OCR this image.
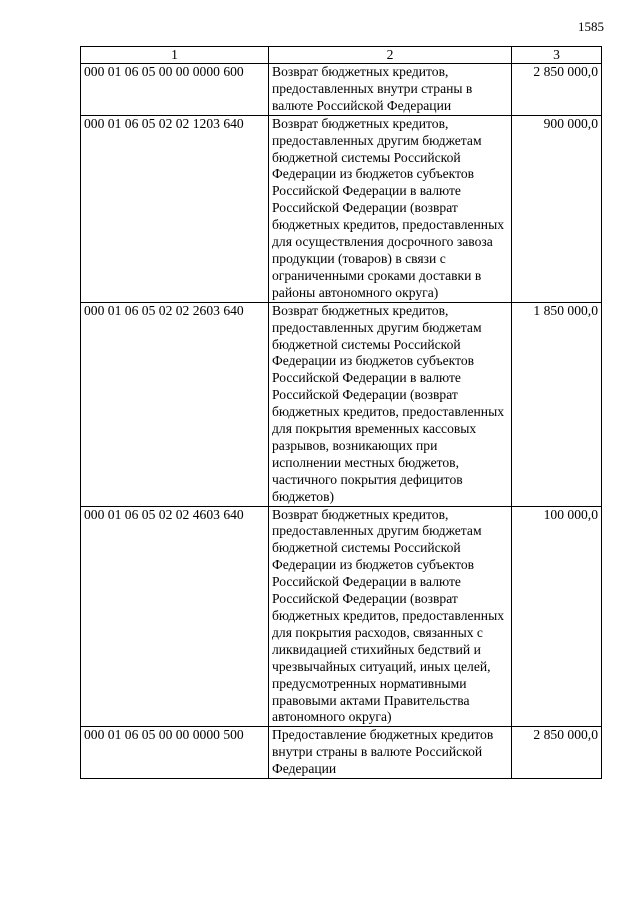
1585
1	2	3
000 01 06 05 00 00 0000 600	Возврат бюджетных кредитов, предоставленных внутри страны в валюте Российской Федерации	2 850 000,0
000 01 06 05 02 02 1203 640	Возврат бюджетных кредитов, предоставленных другим бюджетам бюджетной системы Российской Федерации из бюджетов субъектов Российской Федерации в валюте Российской Федерации (возврат бюджетных кредитов, предоставленных для осуществления досрочного завоза продукции (товаров) в связи с ограниченными сроками доставки в районы автономного округа)	900 000,0
000 01 06 05 02 02 2603 640	Возврат бюджетных кредитов, предоставленных другим бюджетам бюджетной системы Российской Федерации из бюджетов субъектов Российской Федерации в валюте Российской Федерации (возврат бюджетных кредитов, предоставленных для покрытия временных кассовых разрывов, возникающих при исполнении местных бюджетов, частичного покрытия дефицитов бюджетов)	1 850 000,0
000 01 06 05 02 02 4603 640	Возврат бюджетных кредитов, предоставленных другим бюджетам бюджетной системы Российской Федерации из бюджетов субъектов Российской Федерации в валюте Российской Федерации (возврат бюджетных кредитов, предоставленных для покрытия расходов, связанных с ликвидацией стихийных бедствий и чрезвычайных ситуаций, иных целей, предусмотренных нормативными правовыми актами Правительства автономного округа)	100 000,0
000 01 06 05 00 00 0000 500	Предоставление бюджетных кредитов внутри страны в валюте Российской Федерации	2 850 000,0
